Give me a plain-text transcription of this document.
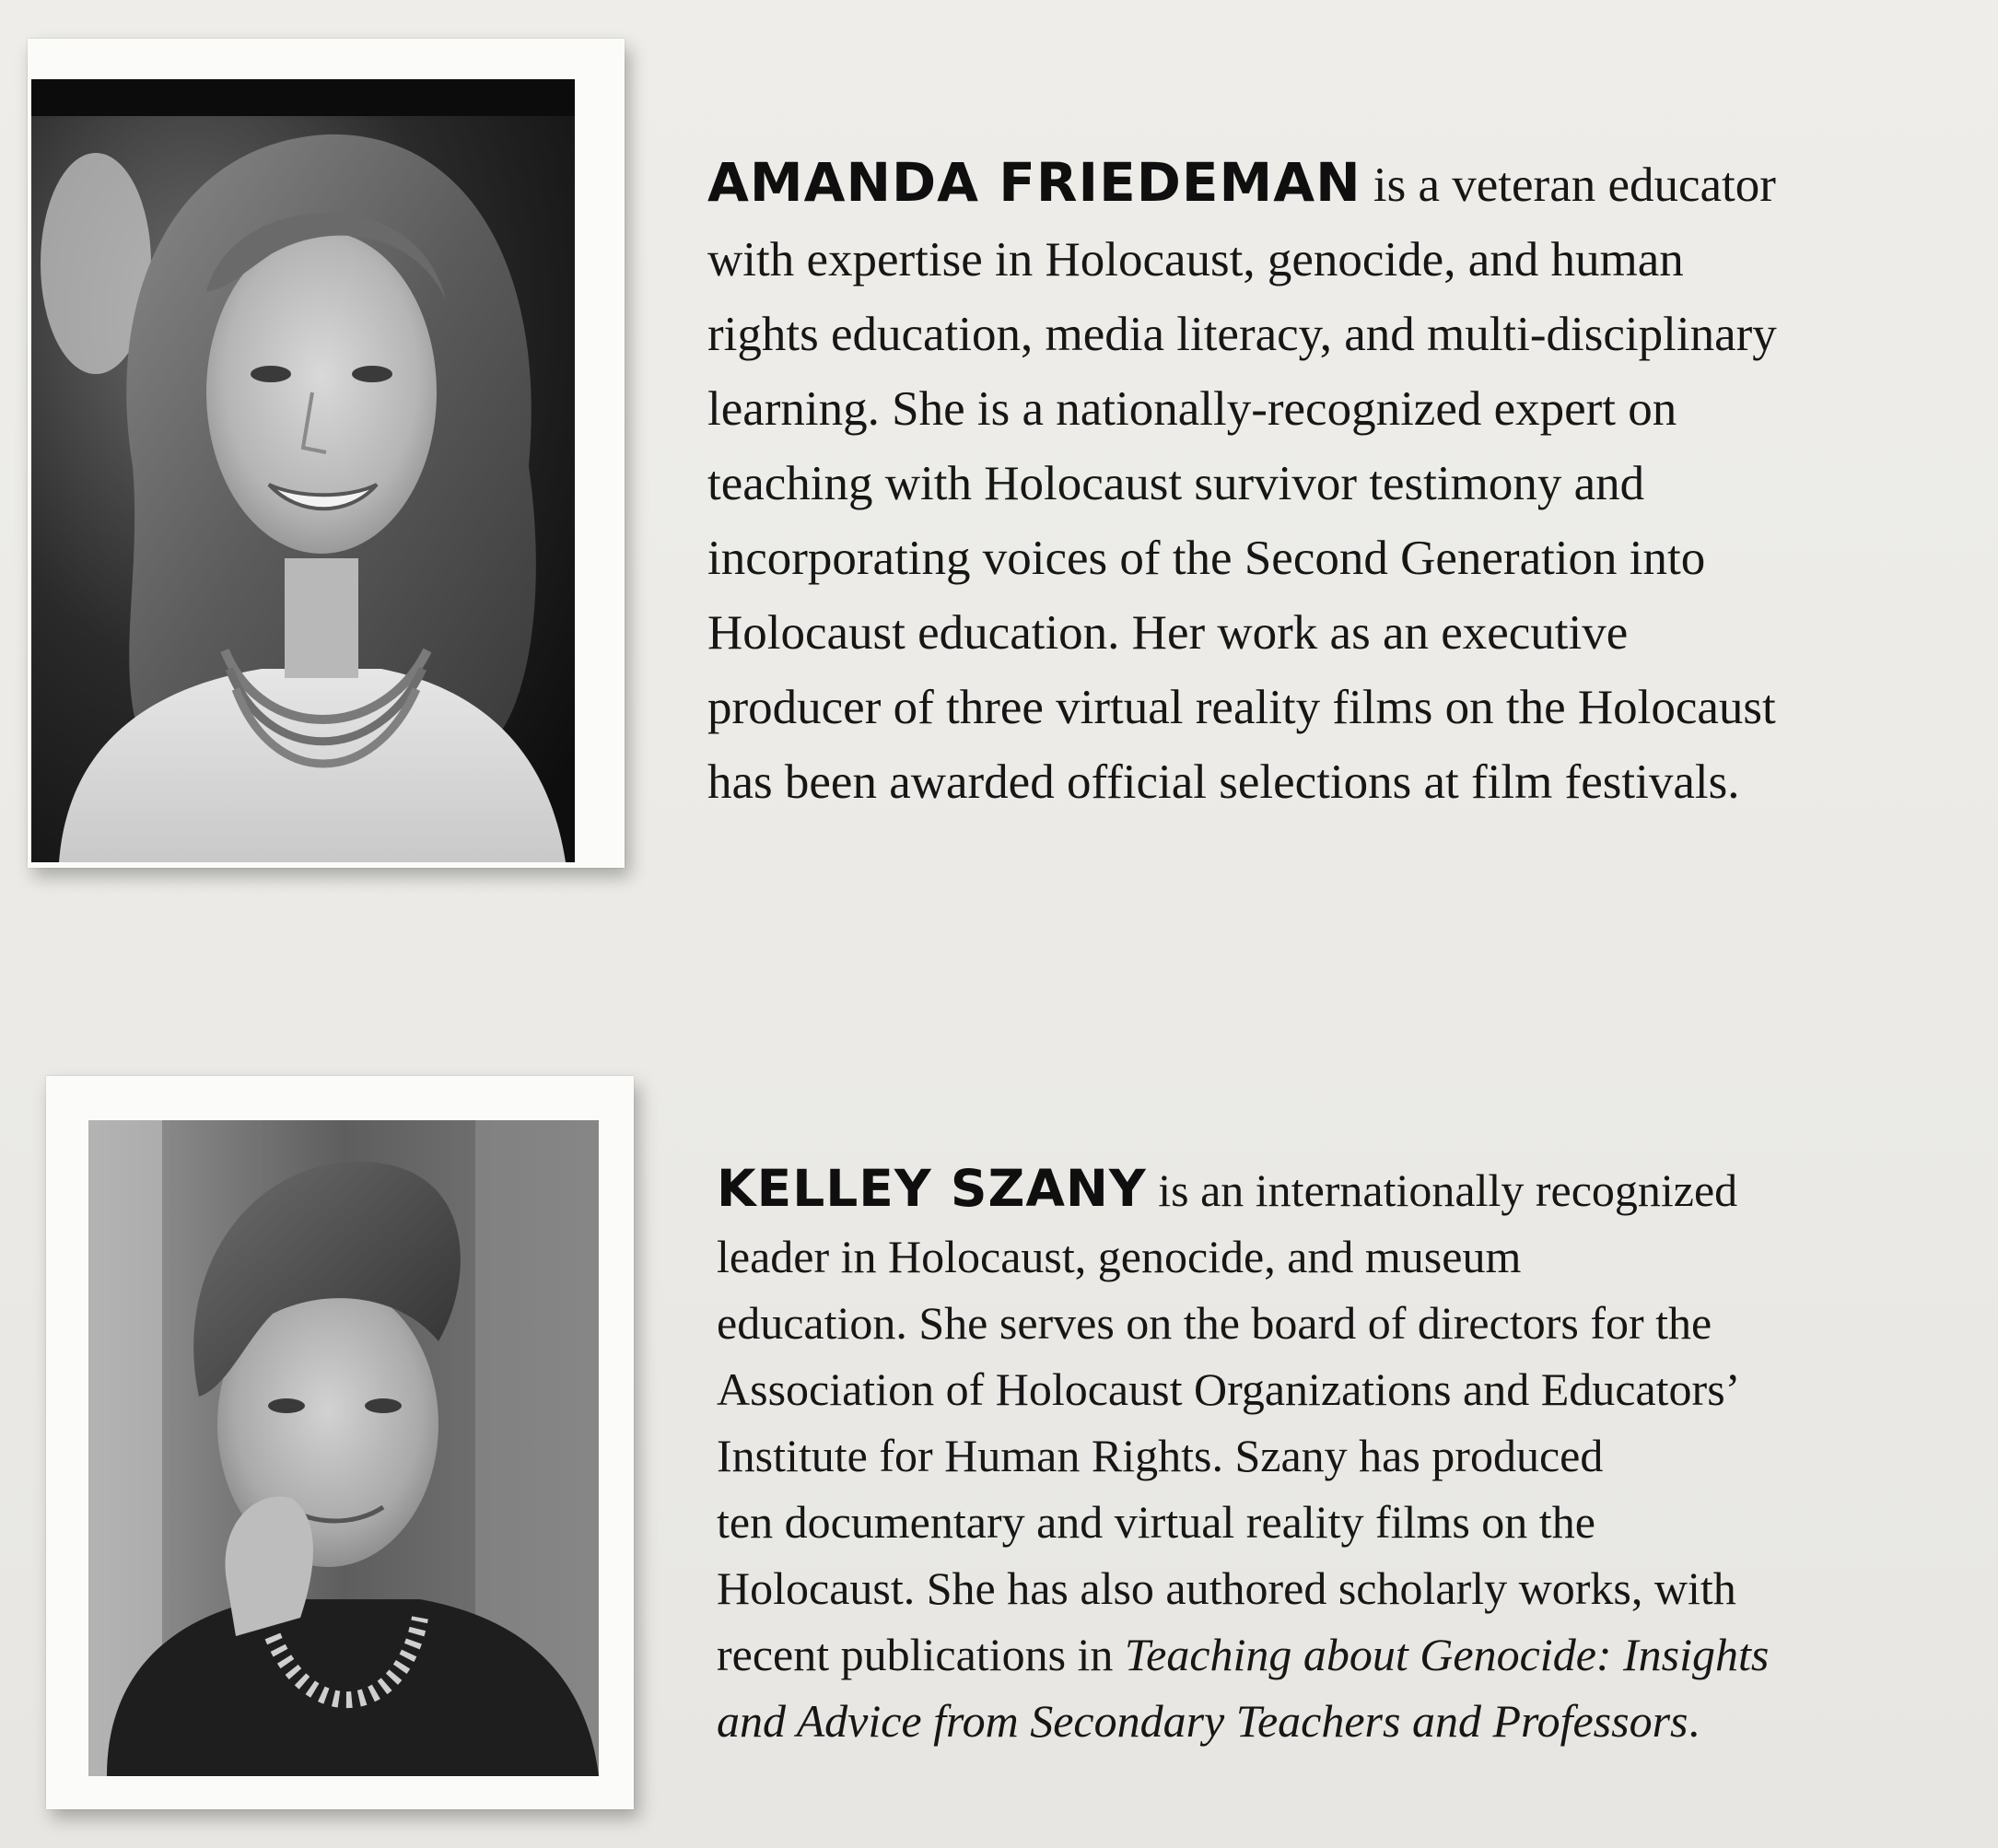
AMANDA FRIEDEMAN is a veteran educator
with expertise in Holocaust, genocide, and human
rights education, media literacy, and multi-disciplinary
learning. She is a nationally-recognized expert on
teaching with Holocaust survivor testimony and
incorporating voices of the Second Generation into
Holocaust education. Her work as an executive
producer of three virtual reality films on the Holocaust
has been awarded official selections at film festivals.
KELLEY SZANY is an internationally recognized
leader in Holocaust, genocide, and museum
education. She serves on the board of directors for the
Association of Holocaust Organizations and Educators’
Institute for Human Rights. Szany has produced
ten documentary and virtual reality films on the
Holocaust. She has also authored scholarly works, with
recent publications in Teaching about Genocide: Insights
and Advice from Secondary Teachers and Professors.
